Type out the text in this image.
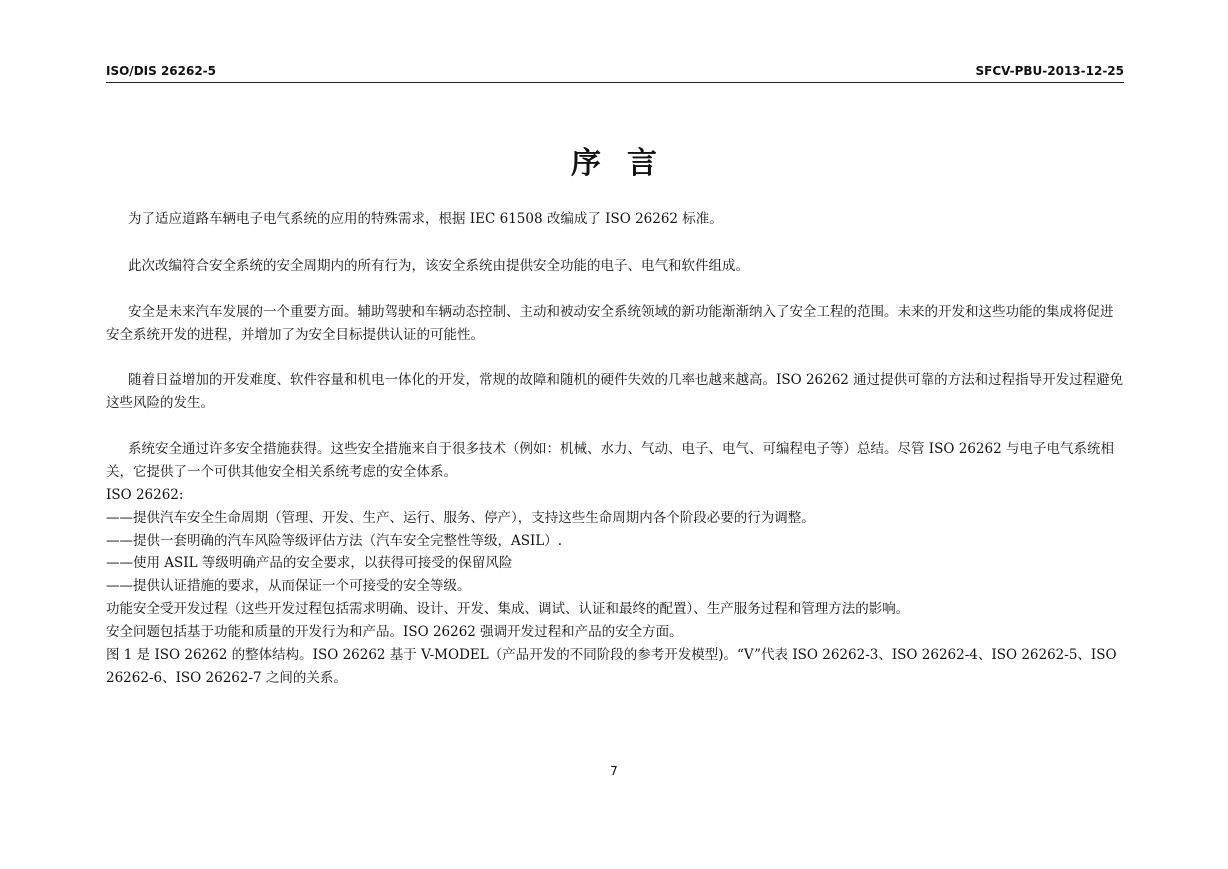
ISO/DIS 26262-5	SFCV-PBU-2013-12-25
序言
为了适应道路车辆电子电气系统的应用的特殊需求，根据 IEC 61508 改编成了 ISO 26262 标准。
此次改编符合安全系统的安全周期内的所有行为，该安全系统由提供安全功能的电子、电气和软件组成。
安全是未来汽车发展的一个重要方面。辅助驾驶和车辆动态控制、主动和被动安全系统领域的新功能渐渐纳入了安全工程的范围。未来的开发和这些功能的集成将促进安全系统开发的进程，并增加了为安全目标提供认证的可能性。
随着日益增加的开发难度、软件容量和机电一体化的开发，常规的故障和随机的硬件失效的几率也越来越高。ISO 26262 通过提供可靠的方法和过程指导开发过程避免这些风险的发生。
系统安全通过许多安全措施获得。这些安全措施来自于很多技术（例如：机械、水力、气动、电子、电气、可编程电子等）总结。尽管 ISO 26262 与电子电气系统相关，它提供了一个可供其他安全相关系统考虑的安全体系。
ISO 26262:
——提供汽车安全生命周期（管理、开发、生产、运行、服务、停产），支持这些生命周期内各个阶段必要的行为调整。
——提供一套明确的汽车风险等级评估方法（汽车安全完整性等级，ASIL）.
——使用 ASIL 等级明确产品的安全要求，以获得可接受的保留风险
——提供认证措施的要求，从而保证一个可接受的安全等级。
功能安全受开发过程（这些开发过程包括需求明确、设计、开发、集成、调试、认证和最终的配置）、生产服务过程和管理方法的影响。
安全问题包括基于功能和质量的开发行为和产品。ISO 26262 强调开发过程和产品的安全方面。
图 1 是 ISO 26262 的整体结构。ISO 26262 基于 V-MODEL（产品开发的不同阶段的参考开发模型)。“V”代表 ISO 26262-3、ISO 26262-4、ISO 26262-5、ISO 26262-6、ISO 26262-7 之间的关系。
7
